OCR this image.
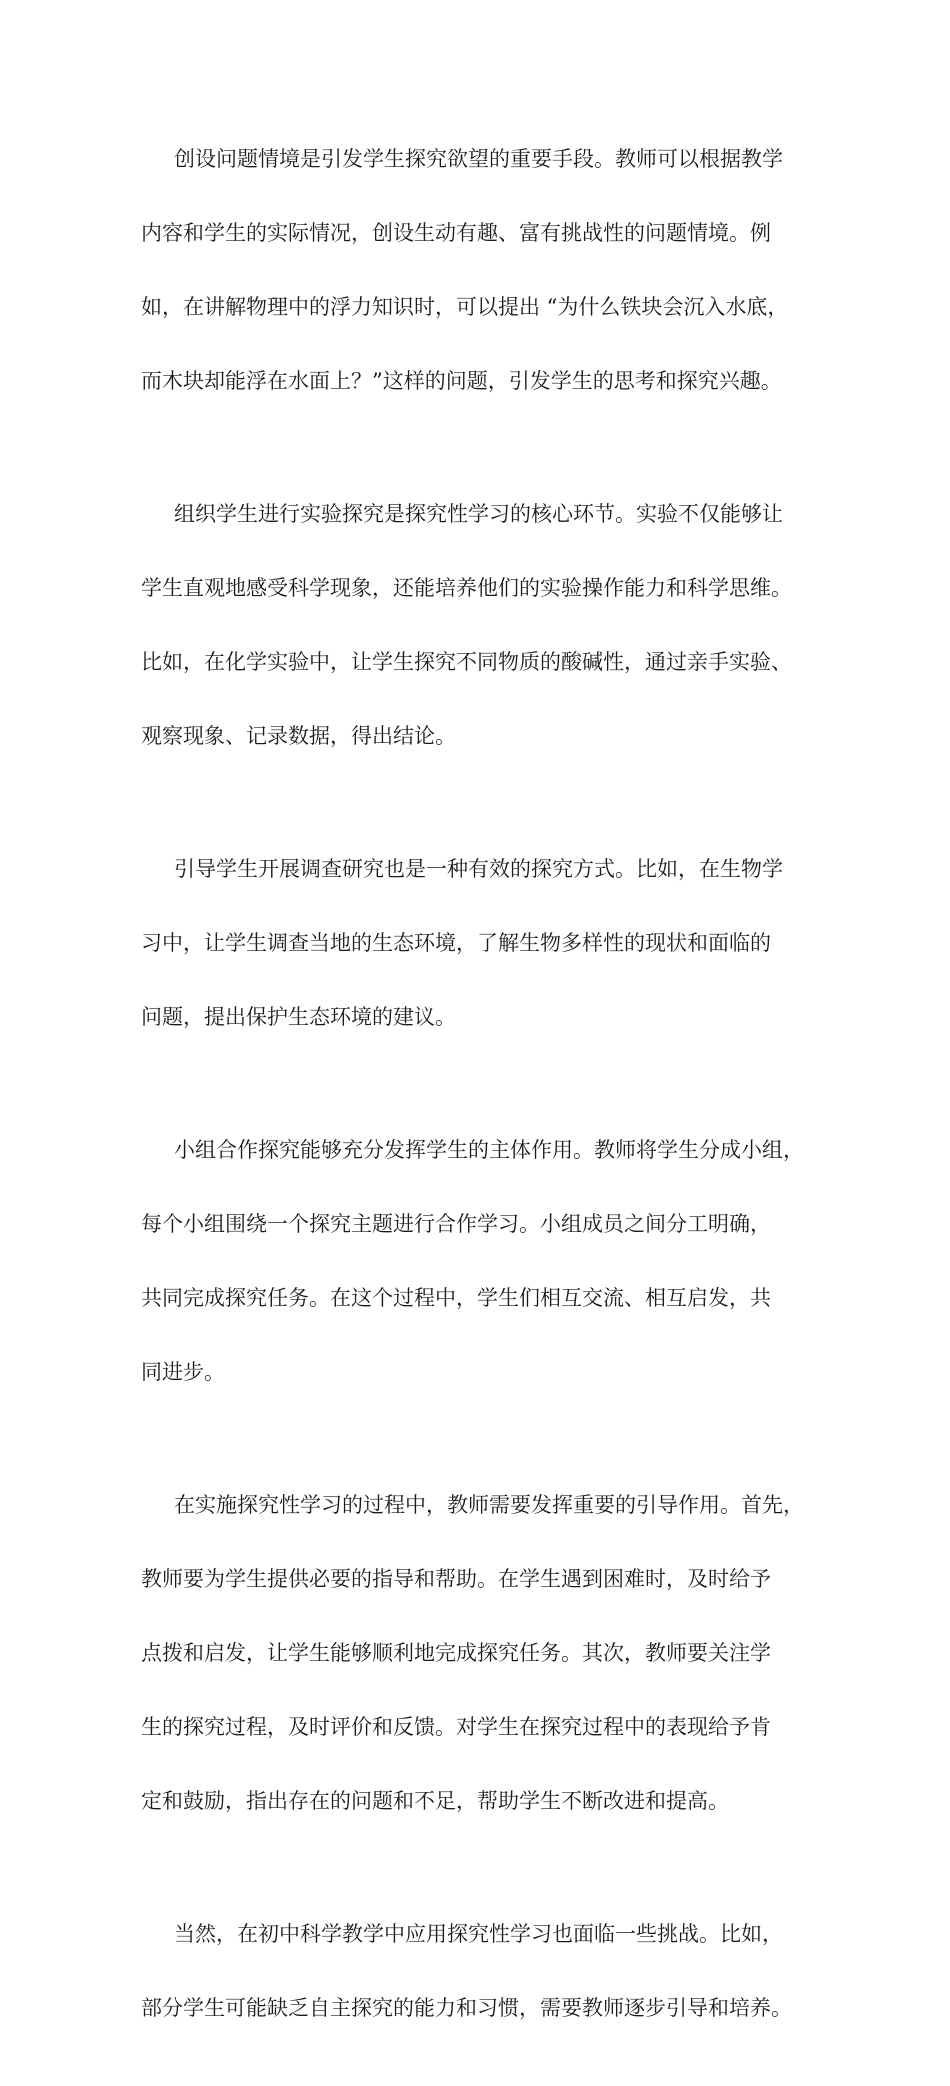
创设问题情境是引发学生探究欲望的重要手段。教师可以根据教学

内容和学生的实际情况，创设生动有趣、富有挑战性的问题情境。例

如，在讲解物理中的浮力知识时，可以提出 “为什么铁块会沉入水底，

而木块却能浮在水面上？”这样的问题，引发学生的思考和探究兴趣。

组织学生进行实验探究是探究性学习的核心环节。实验不仅能够让

学生直观地感受科学现象，还能培养他们的实验操作能力和科学思维。

比如，在化学实验中，让学生探究不同物质的酸碱性，通过亲手实验、

观察现象、记录数据，得出结论。

引导学生开展调查研究也是一种有效的探究方式。比如，在生物学

习中，让学生调查当地的生态环境，了解生物多样性的现状和面临的

问题，提出保护生态环境的建议。

小组合作探究能够充分发挥学生的主体作用。教师将学生分成小组，

每个小组围绕一个探究主题进行合作学习。小组成员之间分工明确，

共同完成探究任务。在这个过程中，学生们相互交流、相互启发，共

同进步。

在实施探究性学习的过程中，教师需要发挥重要的引导作用。首先，

教师要为学生提供必要的指导和帮助。在学生遇到困难时，及时给予

点拨和启发，让学生能够顺利地完成探究任务。其次，教师要关注学

生的探究过程，及时评价和反馈。对学生在探究过程中的表现给予肯

定和鼓励，指出存在的问题和不足，帮助学生不断改进和提高。

当然，在初中科学教学中应用探究性学习也面临一些挑战。比如，

部分学生可能缺乏自主探究的能力和习惯，需要教师逐步引导和培养。
